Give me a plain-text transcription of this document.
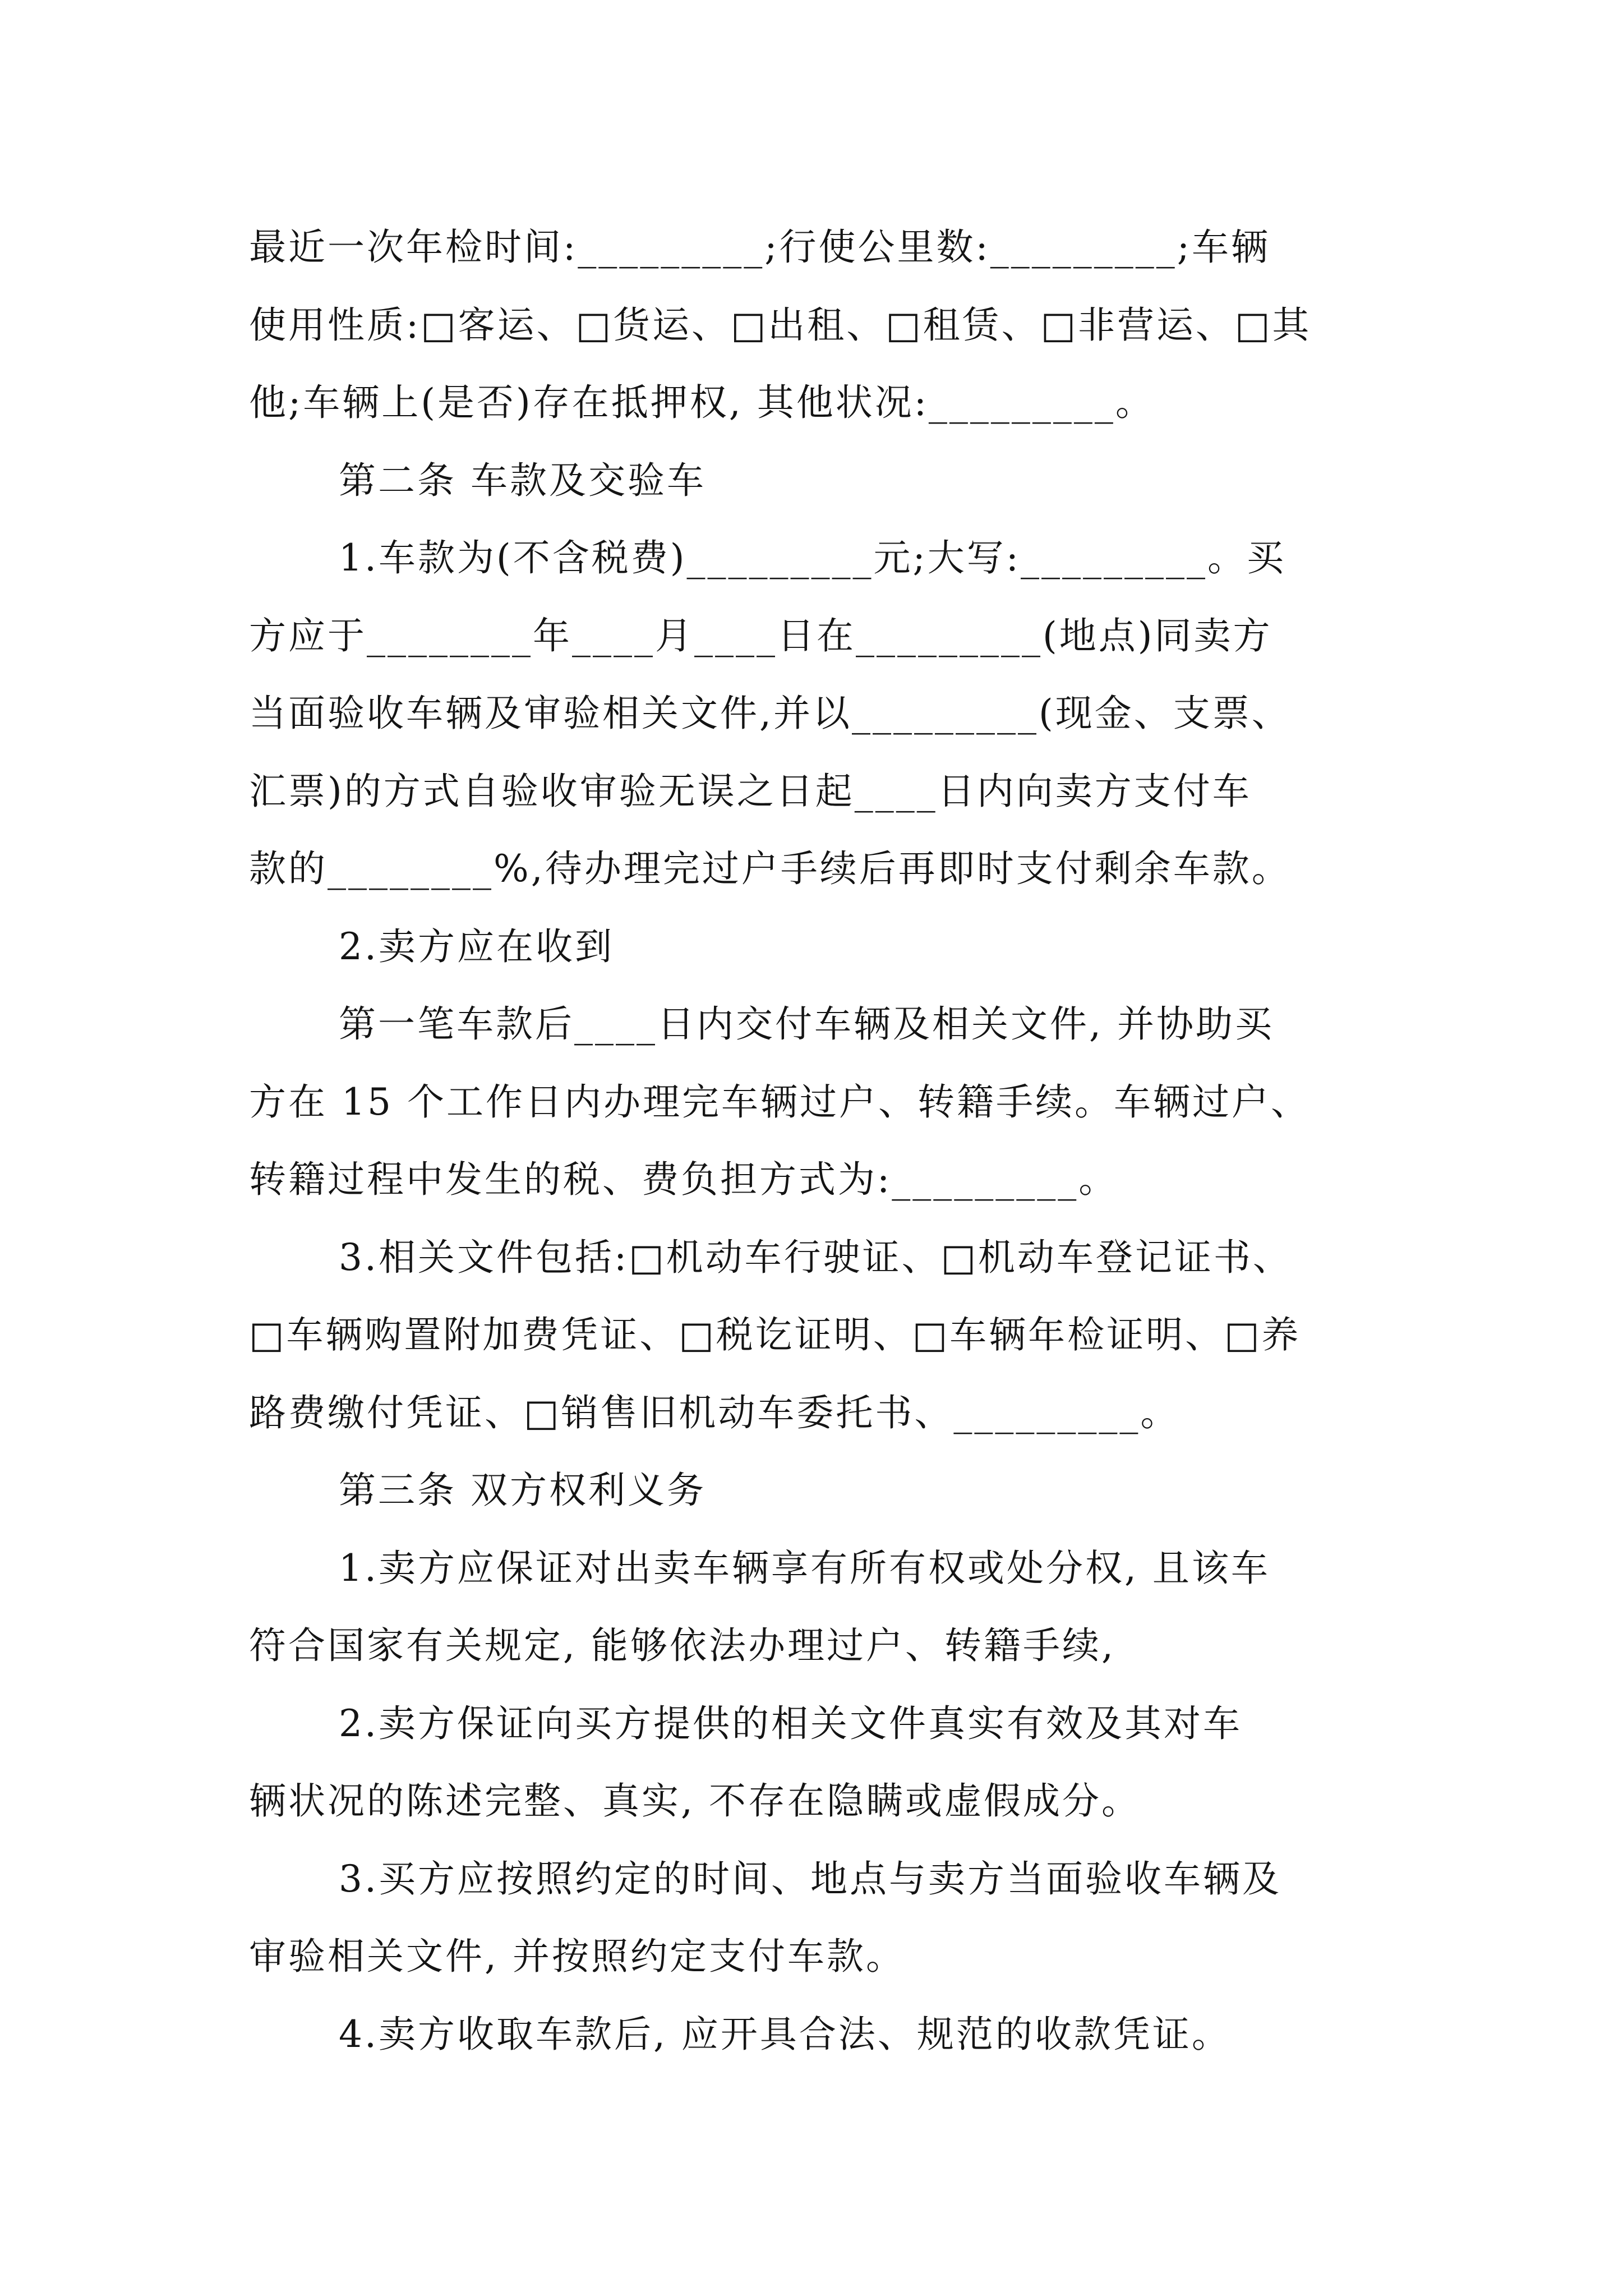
最近一次年检时间:_________;行使公里数:_________;车辆
使用性质:□客运、□货运、□出租、□租赁、□非营运、□其
他;车辆上(是否)存在抵押权, 其他状况:_________。
第二条 车款及交验车
1.车款为(不含税费)_________元;大写:_________。买
方应于________年____月____日在_________(地点)同卖方
当面验收车辆及审验相关文件,并以_________(现金、支票、
汇票)的方式自验收审验无误之日起____日内向卖方支付车
款的________%,待办理完过户手续后再即时支付剩余车款。
2.卖方应在收到
第一笔车款后____日内交付车辆及相关文件, 并协助买
方在 15 个工作日内办理完车辆过户、转籍手续。车辆过户、
转籍过程中发生的税、费负担方式为:_________。
3.相关文件包括:□机动车行驶证、□机动车登记证书、
□车辆购置附加费凭证、□税讫证明、□车辆年检证明、□养
路费缴付凭证、□销售旧机动车委托书、_________。
第三条 双方权利义务
1.卖方应保证对出卖车辆享有所有权或处分权, 且该车
符合国家有关规定, 能够依法办理过户、转籍手续,
2.卖方保证向买方提供的相关文件真实有效及其对车
辆状况的陈述完整、真实, 不存在隐瞒或虚假成分。
3.买方应按照约定的时间、地点与卖方当面验收车辆及
审验相关文件, 并按照约定支付车款。
4.卖方收取车款后, 应开具合法、规范的收款凭证。
